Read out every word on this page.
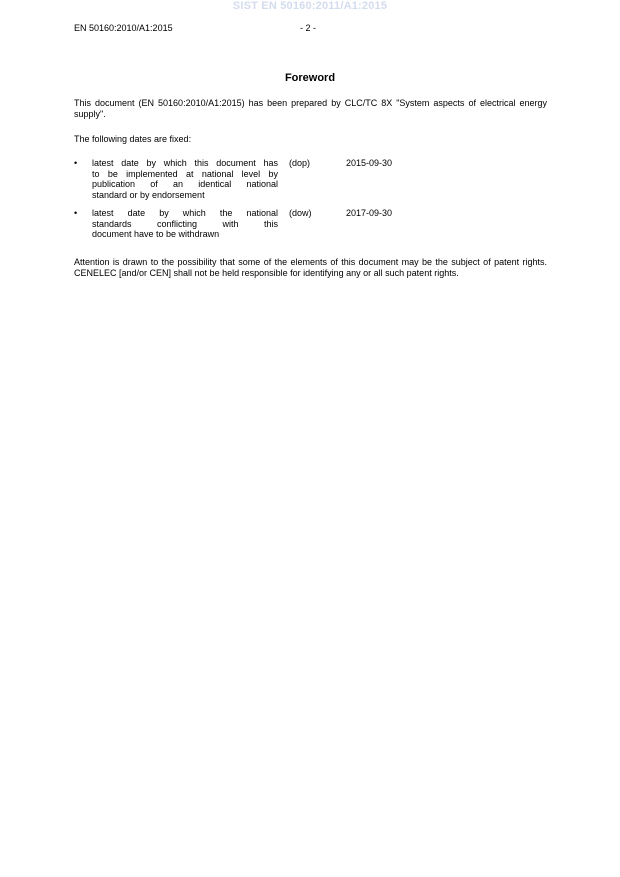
SIST EN 50160:2011/A1:2015
EN 50160:2010/A1:2015	- 2 -
Foreword

This document (EN 50160:2010/A1:2015) has been prepared by CLC/TC 8X "System aspects of electrical energy supply".

The following dates are fixed:

•	latest date by which this document has
to be implemented at national level by
publication of an identical national
standard or by endorsement
(dop)	2015-09-30
•	latest date by which the national
standards conflicting with this
document have to be withdrawn
(dow)	2017-09-30

Attention is drawn to the possibility that some of the elements of this document may be the subject of patent rights. CENELEC [and/or CEN] shall not be held responsible for identifying any or all such patent rights.
